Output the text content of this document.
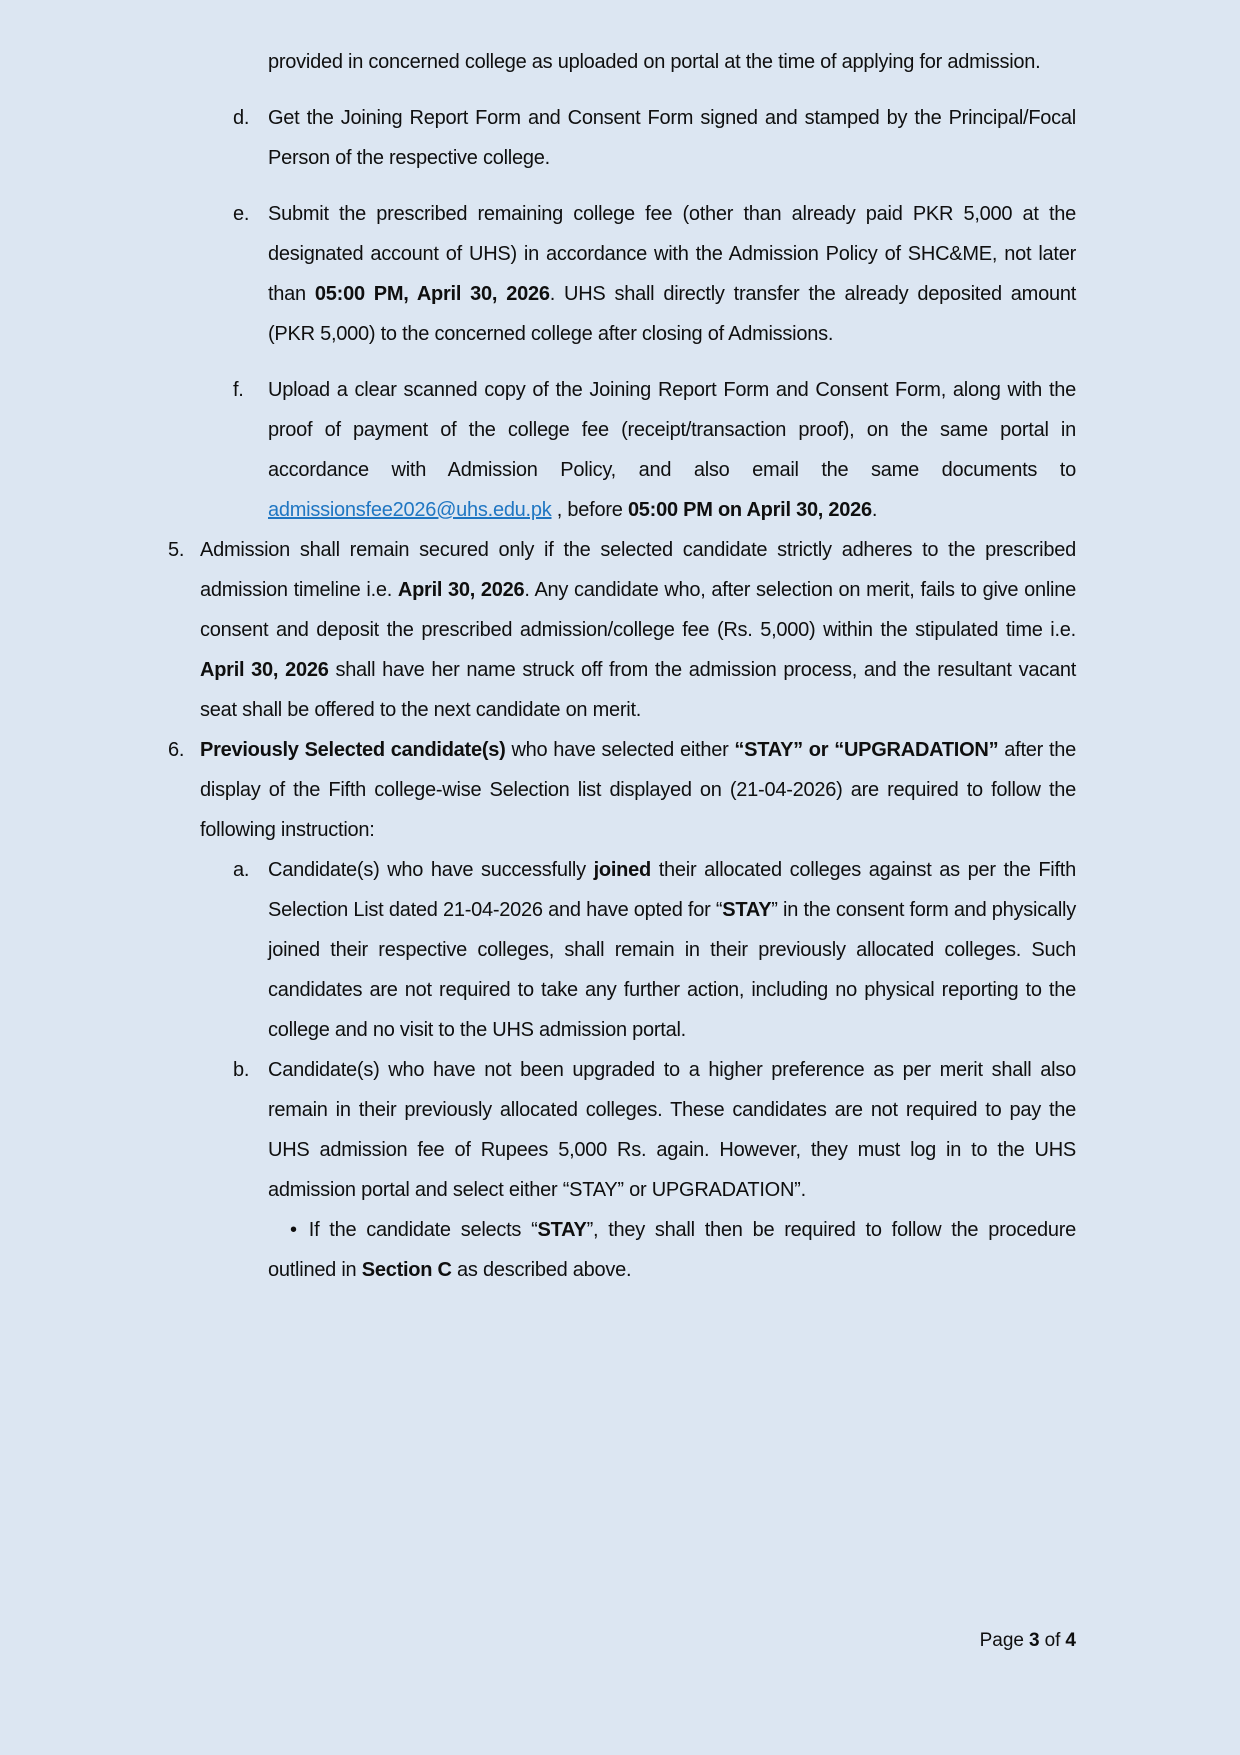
provided in concerned college as uploaded on portal at the time of applying for admission.
d. Get the Joining Report Form and Consent Form signed and stamped by the Principal/Focal Person of the respective college.
e. Submit the prescribed remaining college fee (other than already paid PKR 5,000 at the designated account of UHS) in accordance with the Admission Policy of SHC&ME, not later than 05:00 PM, April 30, 2026. UHS shall directly transfer the already deposited amount (PKR 5,000) to the concerned college after closing of Admissions.
f. Upload a clear scanned copy of the Joining Report Form and Consent Form, along with the proof of payment of the college fee (receipt/transaction proof), on the same portal in accordance with Admission Policy, and also email the same documents to admissionsfee2026@uhs.edu.pk , before 05:00 PM on April 30, 2026.
5. Admission shall remain secured only if the selected candidate strictly adheres to the prescribed admission timeline i.e. April 30, 2026. Any candidate who, after selection on merit, fails to give online consent and deposit the prescribed admission/college fee (Rs. 5,000) within the stipulated time i.e. April 30, 2026 shall have her name struck off from the admission process, and the resultant vacant seat shall be offered to the next candidate on merit.
6. Previously Selected candidate(s) who have selected either “STAY” or “UPGRADATION” after the display of the Fifth college-wise Selection list displayed on (21-04-2026) are required to follow the following instruction:
a. Candidate(s) who have successfully joined their allocated colleges against as per the Fifth Selection List dated 21-04-2026 and have opted for “STAY” in the consent form and physically joined their respective colleges, shall remain in their previously allocated colleges. Such candidates are not required to take any further action, including no physical reporting to the college and no visit to the UHS admission portal.
b. Candidate(s) who have not been upgraded to a higher preference as per merit shall also remain in their previously allocated colleges. These candidates are not required to pay the UHS admission fee of Rupees 5,000 Rs. again. However, they must log in to the UHS admission portal and select either “STAY” or UPGRADATION”.
• If the candidate selects “STAY”, they shall then be required to follow the procedure outlined in Section C as described above.
Page 3 of 4
